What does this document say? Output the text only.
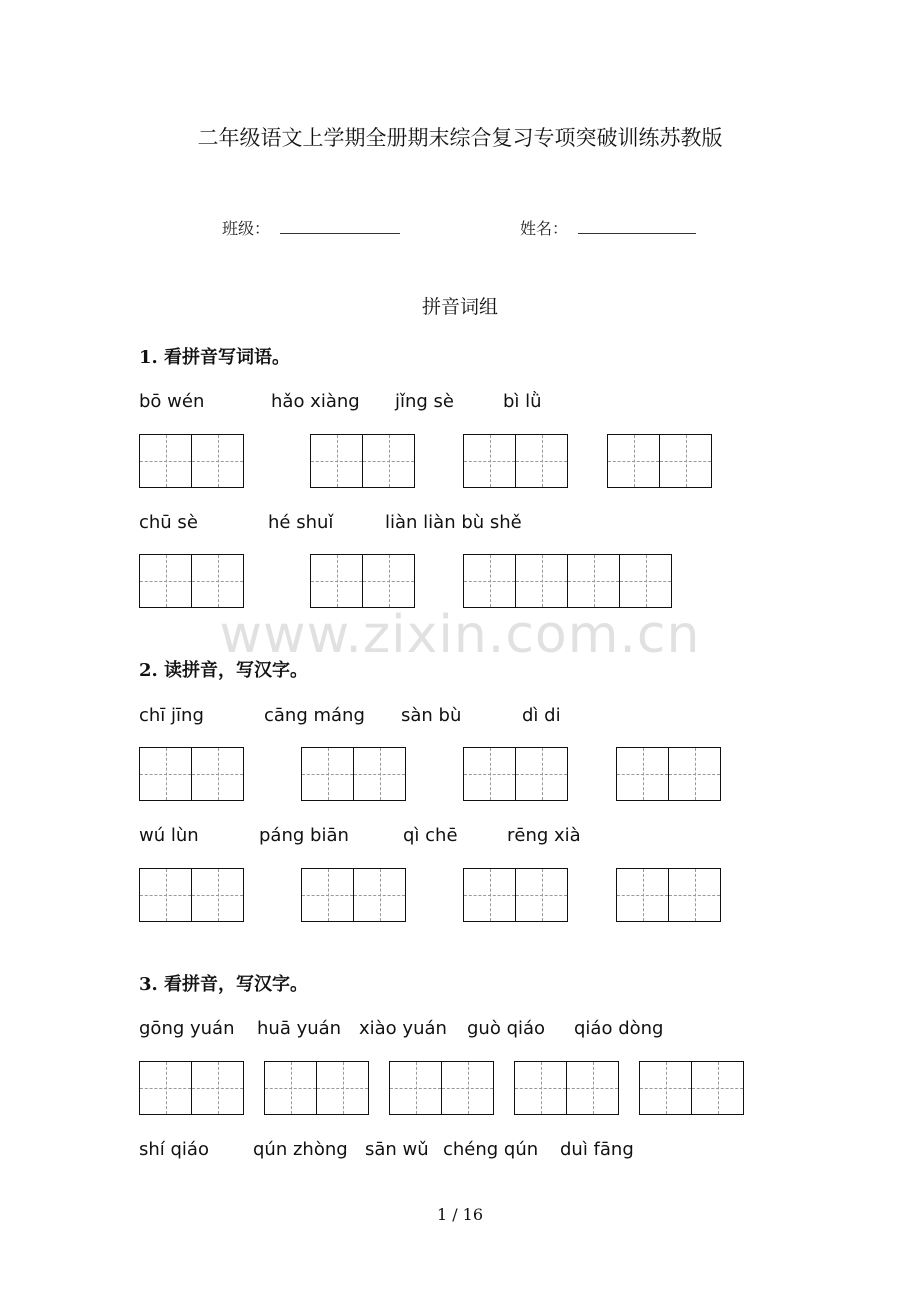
二年级语文上学期全册期末综合复习专项突破训练苏教版
班级：	姓名：
拼音词组
www.zixin.com.cn
1. 看拼音写词语。
bō wén	hǎo xiàng jǐng sè	bì lǜ
chū sè	hé shuǐ	liàn liàn bù shě
2. 读拼音，写汉字。
chī jīng	cāng máng sàn bù	dì di
wú lùn	páng biān	qì chē	rēng xià
3. 看拼音，写汉字。
gōng yuán huā yuán xiào yuán guò qiáo qiáo dòng
shí qiáo qún zhòng sān wǔ chéng qún duì fāng
1 / 16
